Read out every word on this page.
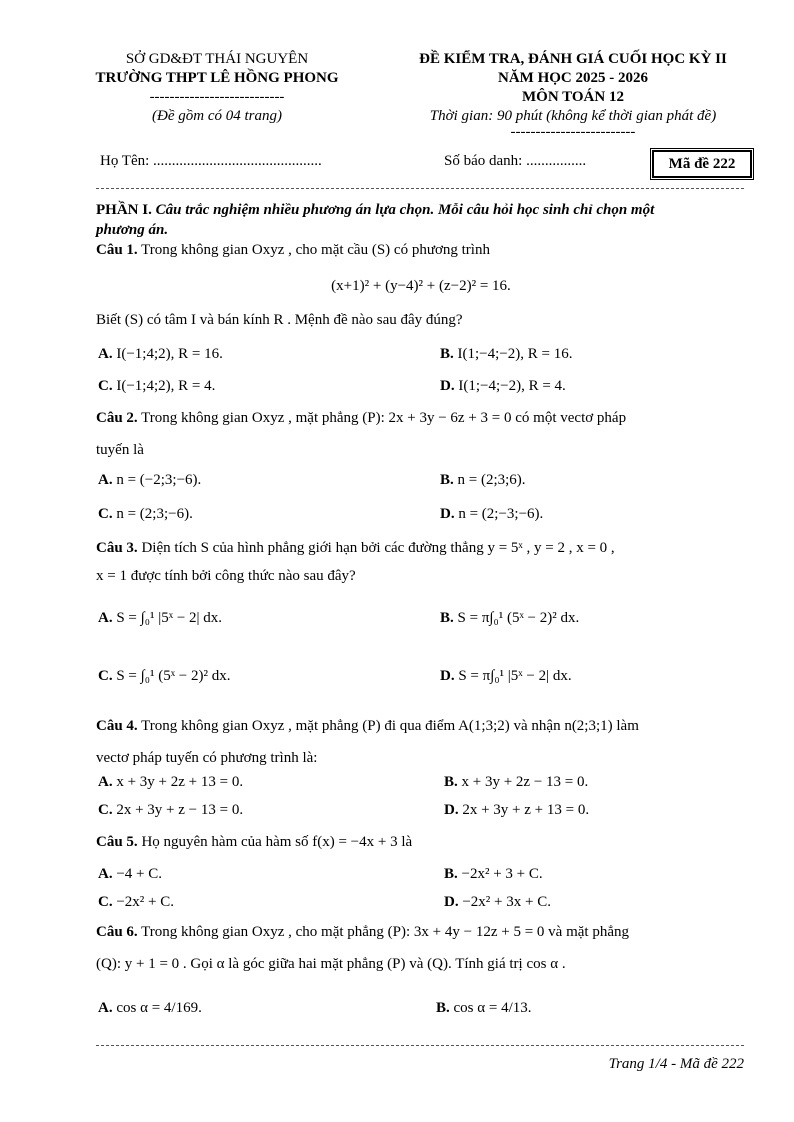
SỞ GD&ĐT THÁI NGUYÊN
TRƯỜNG THPT LÊ HỒNG PHONG
---------------------------
(Đề gồm có 04 trang)
ĐỀ KIỂM TRA, ĐÁNH GIÁ CUỐI HỌC KỲ II
NĂM HỌC 2025 - 2026
MÔN TOÁN 12
Thời gian: 90 phút (không kể thời gian phát đề)
-------------------------
Họ Tên: .............................................	Số báo danh: ................	Mã đề 222
PHẦN I. Câu trắc nghiệm nhiều phương án lựa chọn. Mỗi câu hỏi học sinh chỉ chọn một
phương án.
Câu 1. Trong không gian Oxyz , cho mặt cầu (S) có phương trình
(x+1)² + (y−4)² + (z−2)² = 16.
Biết (S) có tâm I và bán kính R . Mệnh đề nào sau đây đúng?
A. I(−1;4;2), R = 16.	B. I(1;−4;−2), R = 16.
C. I(−1;4;2), R = 4.	D. I(1;−4;−2), R = 4.
Câu 2. Trong không gian Oxyz , mặt phẳng (P): 2x + 3y − 6z + 3 = 0 có một vectơ pháp
tuyến là
A. n = (−2;3;−6).	B. n = (2;3;6).
C. n = (2;3;−6).	D. n = (2;−3;−6).
Câu 3. Diện tích S của hình phẳng giới hạn bởi các đường thẳng y = 5ˣ , y = 2 , x = 0 ,
x = 1 được tính bởi công thức nào sau đây?
A. S = ∫₀¹ |5ˣ − 2| dx.	B. S = π∫₀¹ (5ˣ − 2)² dx.
C. S = ∫₀¹ (5ˣ − 2)² dx.	D. S = π∫₀¹ |5ˣ − 2| dx.
Câu 4. Trong không gian Oxyz , mặt phẳng (P) đi qua điểm A(1;3;2) và nhận n(2;3;1) làm
vectơ pháp tuyến có phương trình là:
A. x + 3y + 2z + 13 = 0.	B. x + 3y + 2z − 13 = 0.
C. 2x + 3y + z − 13 = 0.	D. 2x + 3y + z + 13 = 0.
Câu 5. Họ nguyên hàm của hàm số f(x) = −4x + 3 là
A. −4 + C.	B. −2x² + 3 + C.
C. −2x² + C.	D. −2x² + 3x + C.
Câu 6. Trong không gian Oxyz , cho mặt phẳng (P): 3x + 4y − 12z + 5 = 0 và mặt phẳng
(Q): y + 1 = 0 . Gọi α là góc giữa hai mặt phẳng (P) và (Q). Tính giá trị cos α .
A. cos α = 4/169.	B. cos α = 4/13.
Trang 1/4 - Mã đề 222
